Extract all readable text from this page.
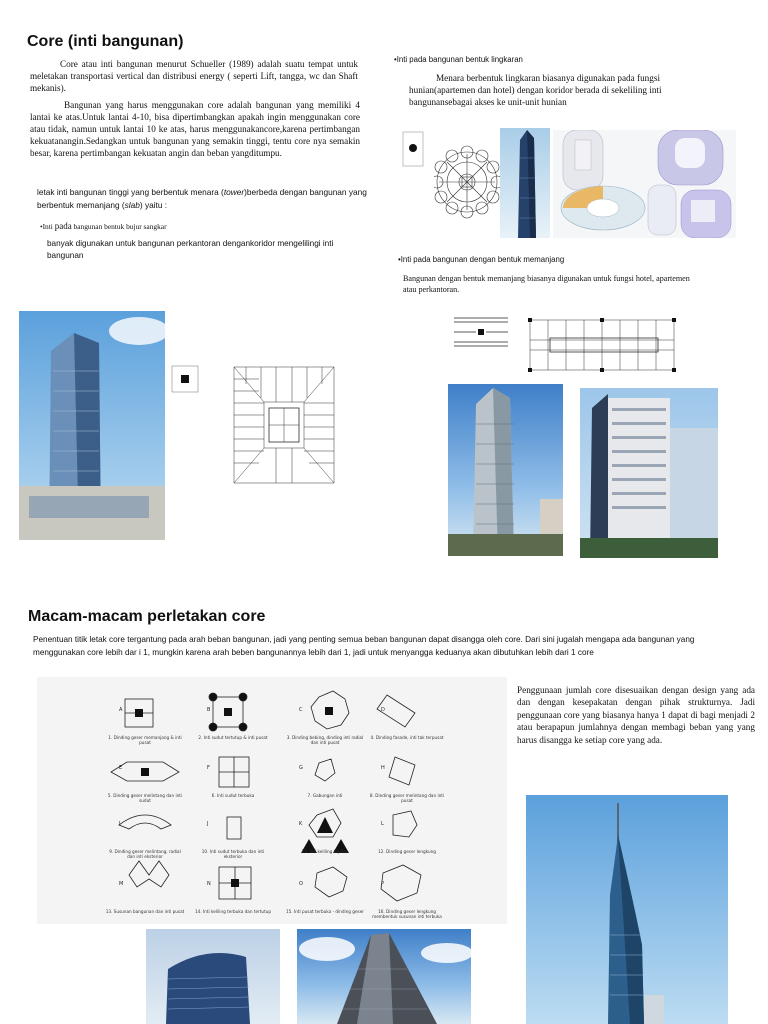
Core (inti bangunan)

Core atau inti bangunan menurut Schueller (1989) adalah suatu tempat untuk meletakan transportasi vertical dan distribusi energy ( seperti Lift, tangga, wc dan Shaft mekanis).

Bangunan yang harus menggunakan core adalah bangunan yang memiliki 4 lantai ke atas.Untuk lantai 4-10, bisa dipertimbangkan apakah ingin menggunakan core atau tidak, namun untuk lantai 10 ke atas, harus menggunakancore,karena pertimbangan kekuatanangin.Sedangkan untuk bangunan yang semakin tinggi, tentu core nya semakin besar, karena pertimbangan kekuatan angin dan beban yangditumpu.

letak inti bangunan tinggi yang berbentuk menara (tower)berbeda dengan bangunan yang berbentuk memanjang (slab) yaitu :

•Inti pada bangunan bentuk bujur sangkar

banyak digunakan untuk bangunan perkantoran dengankoridor mengelilingi inti bangunan

•Inti pada bangunan bentuk lingkaran

Menara berbentuk lingkaran biasanya digunakan pada fungsi hunian(apartemen dan hotel) dengan koridor berada di sekeliling inti bangunansebagai akses ke unit-unit hunian

•Inti pada bangunan dengan bentuk memanjang

Bangunan dengan bentuk memanjang biasanya digunakan untuk fungsi hotel, apartemen atau perkantoran.

Macam-macam perletakan core

Penentuan titik letak core tergantung pada arah beban bangunan, jadi yang penting semua beban bangunan dapat disangga oleh core. Dari sini jugalah mengapa ada bangunan yang menggunakan core lebih dar i 1, mungkin karena arah beben bangunannya lebih dari 1, jadi untuk menyangga keduanya akan dibutuhkan lebih dari 1 core

1. Dinding geser memanjang & inti pusat
A
2. Inti sudut tertutup & inti pusat
B
3. Dinding bebing, dinding inti radial dan inti pusat
C
4. Dinding fasade, inti tak terpusat
D
5. Dinding geser melintang dan inti sudut
E
6. Inti sudut terbuka
F
7. Gabungan inti
G
8. Dinding geser melintang dan inti pusat
H
9. Dinding geser melintang, radial dan inti eksterior
I
10. Inti sudut terbuka dan inti eksterior
J
11. Inti keliling tepitan
K
12. Dinding geser lengkung
L
13. Susunan bangunan dan inti pusat
M
14. Inti keliling terbuka dan tertutup
N
15. Inti pusat terbuka - dinding geser
O
16. Dinding geser lengkung membentuk susunan inti terbuka
P

Penggunaan jumlah core disesuaikan dengan design yang ada dan dengan kesepakatan dengan pihak strukturnya. Jadi penggunaan core yang biasanya hanya 1 dapat di bagi menjadi 2 atau berapapun jumlahnya dengan membagi beban yang yang harus disangga ke setiap core yang ada.
